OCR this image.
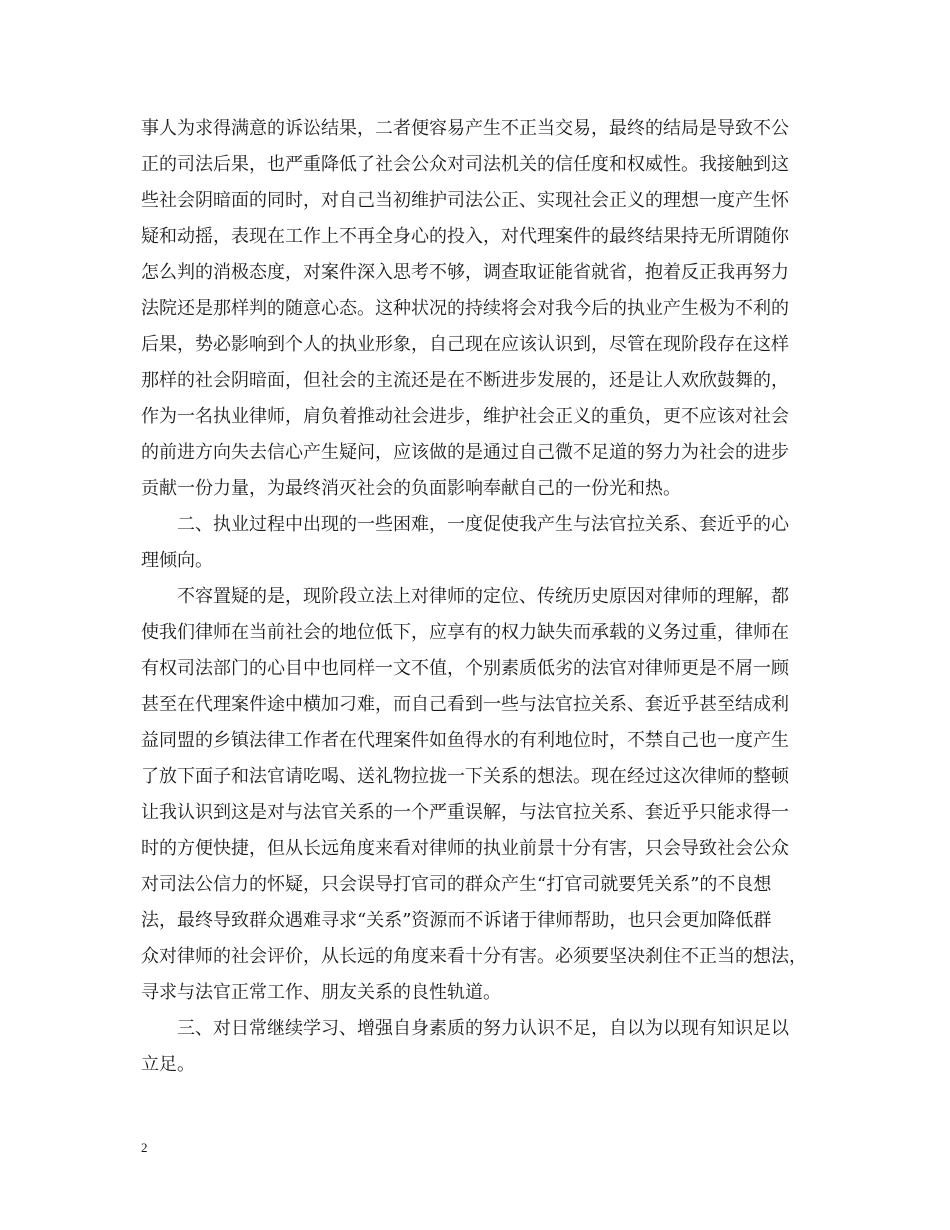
事人为求得满意的诉讼结果，二者便容易产生不正当交易，最终的结局是导致不公
正的司法后果，也严重降低了社会公众对司法机关的信任度和权威性。我接触到这
些社会阴暗面的同时，对自己当初维护司法公正、实现社会正义的理想一度产生怀
疑和动摇，表现在工作上不再全身心的投入，对代理案件的最终结果持无所谓随你
怎么判的消极态度，对案件深入思考不够，调查取证能省就省，抱着反正我再努力
法院还是那样判的随意心态。这种状况的持续将会对我今后的执业产生极为不利的
后果，势必影响到个人的执业形象，自己现在应该认识到，尽管在现阶段存在这样
那样的社会阴暗面，但社会的主流还是在不断进步发展的，还是让人欢欣鼓舞的，
作为一名执业律师，肩负着推动社会进步，维护社会正义的重负，更不应该对社会
的前进方向失去信心产生疑问，应该做的是通过自己微不足道的努力为社会的进步
贡献一份力量，为最终消灭社会的负面影响奉献自己的一份光和热。
二、执业过程中出现的一些困难，一度促使我产生与法官拉关系、套近乎的心
理倾向。
不容置疑的是，现阶段立法上对律师的定位、传统历史原因对律师的理解，都
使我们律师在当前社会的地位低下，应享有的权力缺失而承载的义务过重，律师在
有权司法部门的心目中也同样一文不值，个别素质低劣的法官对律师更是不屑一顾
甚至在代理案件途中横加刁难，而自己看到一些与法官拉关系、套近乎甚至结成利
益同盟的乡镇法律工作者在代理案件如鱼得水的有利地位时，不禁自己也一度产生
了放下面子和法官请吃喝、送礼物拉拢一下关系的想法。现在经过这次律师的整顿
让我认识到这是对与法官关系的一个严重误解，与法官拉关系、套近乎只能求得一
时的方便快捷，但从长远角度来看对律师的执业前景十分有害，只会导致社会公众
对司法公信力的怀疑，只会误导打官司的群众产生“打官司就要凭关系”的不良想
法，最终导致群众遇难寻求“关系”资源而不诉诸于律师帮助，也只会更加降低群
众对律师的社会评价，从长远的角度来看十分有害。必须要坚决刹住不正当的想法，
寻求与法官正常工作、朋友关系的良性轨道。
三、对日常继续学习、增强自身素质的努力认识不足，自以为以现有知识足以
立足。
2
